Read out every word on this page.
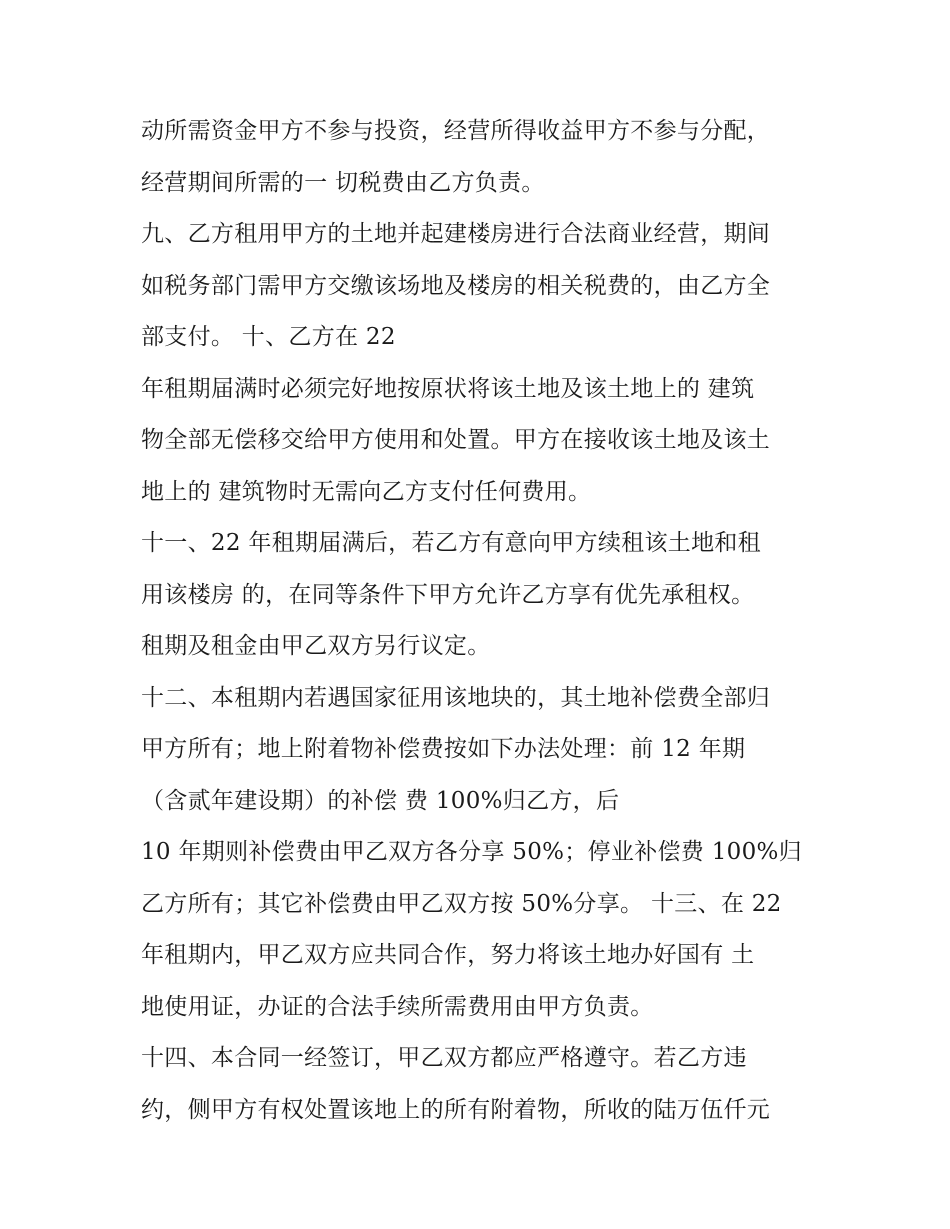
动所需资金甲方不参与投资，经营所得收益甲方不参与分配，
经营期间所需的一 切税费由乙方负责。
九、乙方租用甲方的土地并起建楼房进行合法商业经营，期间
如税务部门需甲方交缴该场地及楼房的相关税费的，由乙方全
部支付。 十、乙方在 22
年租期届满时必须完好地按原状将该土地及该土地上的 建筑
物全部无偿移交给甲方使用和处置。甲方在接收该土地及该土
地上的 建筑物时无需向乙方支付任何费用。
十一、22 年租期届满后，若乙方有意向甲方续租该土地和租
用该楼房 的，在同等条件下甲方允许乙方享有优先承租权。
租期及租金由甲乙双方另行议定。
十二、本租期内若遇国家征用该地块的，其土地补偿费全部归
甲方所有；地上附着物补偿费按如下办法处理：前 12 年期
（含贰年建设期）的补偿 费 100%归乙方，后
10 年期则补偿费由甲乙双方各分享 50%；停业补偿费 100%归
乙方所有；其它补偿费由甲乙双方按 50%分享。 十三、在 22
年租期内，甲乙双方应共同合作，努力将该土地办好国有 土
地使用证，办证的合法手续所需费用由甲方负责。
十四、本合同一经签订，甲乙双方都应严格遵守。若乙方违
约，侧甲方有权处置该地上的所有附着物，所收的陆万伍仟元
